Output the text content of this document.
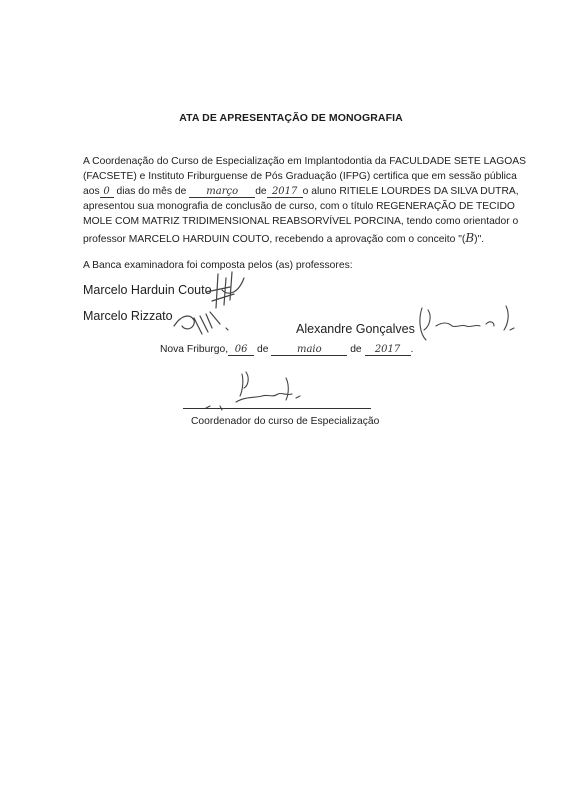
ATA DE APRESENTAÇÃO DE MONOGRAFIA
A Coordenação do Curso de Especialização em Implantodontia da FACULDADE SETE LAGOAS
(FACSETE) e Instituto Friburguense de Pós Graduação (IFPG) certifica que em sessão pública
aos 0 dias do mês de março de 2017 o aluno RITIELE LOURDES DA SILVA DUTRA,
apresentou sua monografia de conclusão de curso, com o título REGENERAÇÃO DE TECIDO
MOLE COM MATRIZ TRIDIMENSIONAL REABSORVÍVEL PORCINA, tendo como orientador o
professor MARCELO HARDUIN COUTO, recebendo a aprovação com o conceito "(B)".
A Banca examinadora foi composta pelos (as) professores:
Marcelo Harduin Couto
Marcelo Rizzato
Alexandre Gonçalves
Nova Friburgo, 06 de	maio	de 2017 .
Coordenador do curso de Especialização
